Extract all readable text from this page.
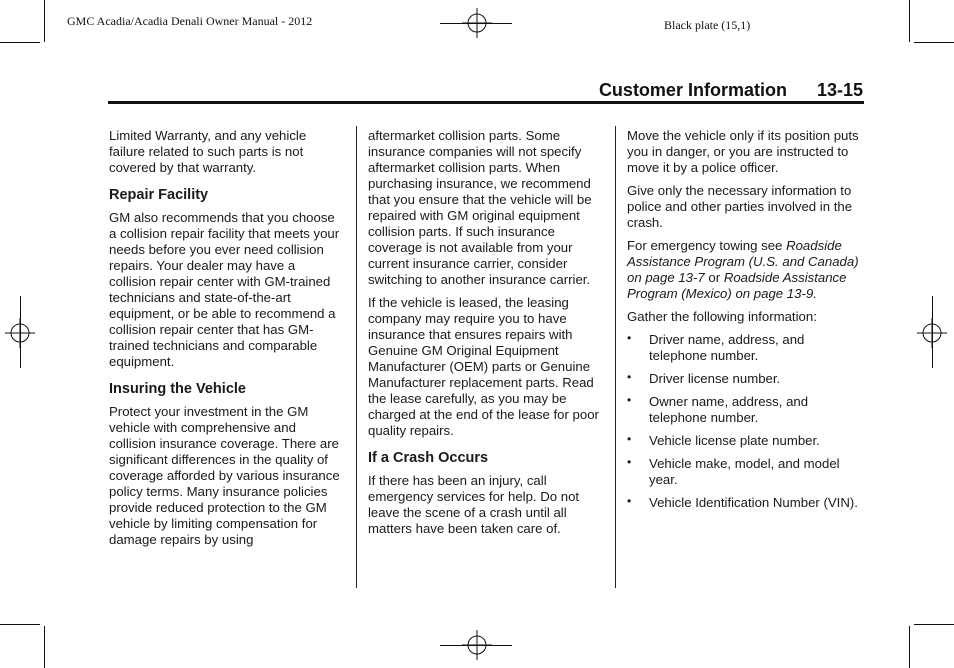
GMC Acadia/Acadia Denali Owner Manual - 2012	Black plate (15,1)
Customer Information 13-15

Limited Warranty, and any vehicle failure related to such parts is not covered by that warranty.

Repair Facility

GM also recommends that you choose a collision repair facility that meets your needs before you ever need collision repairs. Your dealer may have a collision repair center with GM-trained technicians and state-of-the-art equipment, or be able to recommend a collision repair center that has GM-trained technicians and comparable equipment.

Insuring the Vehicle

Protect your investment in the GM vehicle with comprehensive and collision insurance coverage. There are significant differences in the quality of coverage afforded by various insurance policy terms. Many insurance policies provide reduced protection to the GM vehicle by limiting compensation for damage repairs by using

aftermarket collision parts. Some insurance companies will not specify aftermarket collision parts. When purchasing insurance, we recommend that you ensure that the vehicle will be repaired with GM original equipment collision parts. If such insurance coverage is not available from your current insurance carrier, consider switching to another insurance carrier.

If the vehicle is leased, the leasing company may require you to have insurance that ensures repairs with Genuine GM Original Equipment Manufacturer (OEM) parts or Genuine Manufacturer replacement parts. Read the lease carefully, as you may be charged at the end of the lease for poor quality repairs.

If a Crash Occurs

If there has been an injury, call emergency services for help. Do not leave the scene of a crash until all matters have been taken care of.

Move the vehicle only if its position puts you in danger, or you are instructed to move it by a police officer.

Give only the necessary information to police and other parties involved in the crash.

For emergency towing see Roadside Assistance Program (U.S. and Canada) on page 13-7 or Roadside Assistance Program (Mexico) on page 13-9.

Gather the following information:

• Driver name, address, and telephone number.
• Driver license number.
• Owner name, address, and telephone number.
• Vehicle license plate number.
• Vehicle make, model, and model year.
• Vehicle Identification Number (VIN).
